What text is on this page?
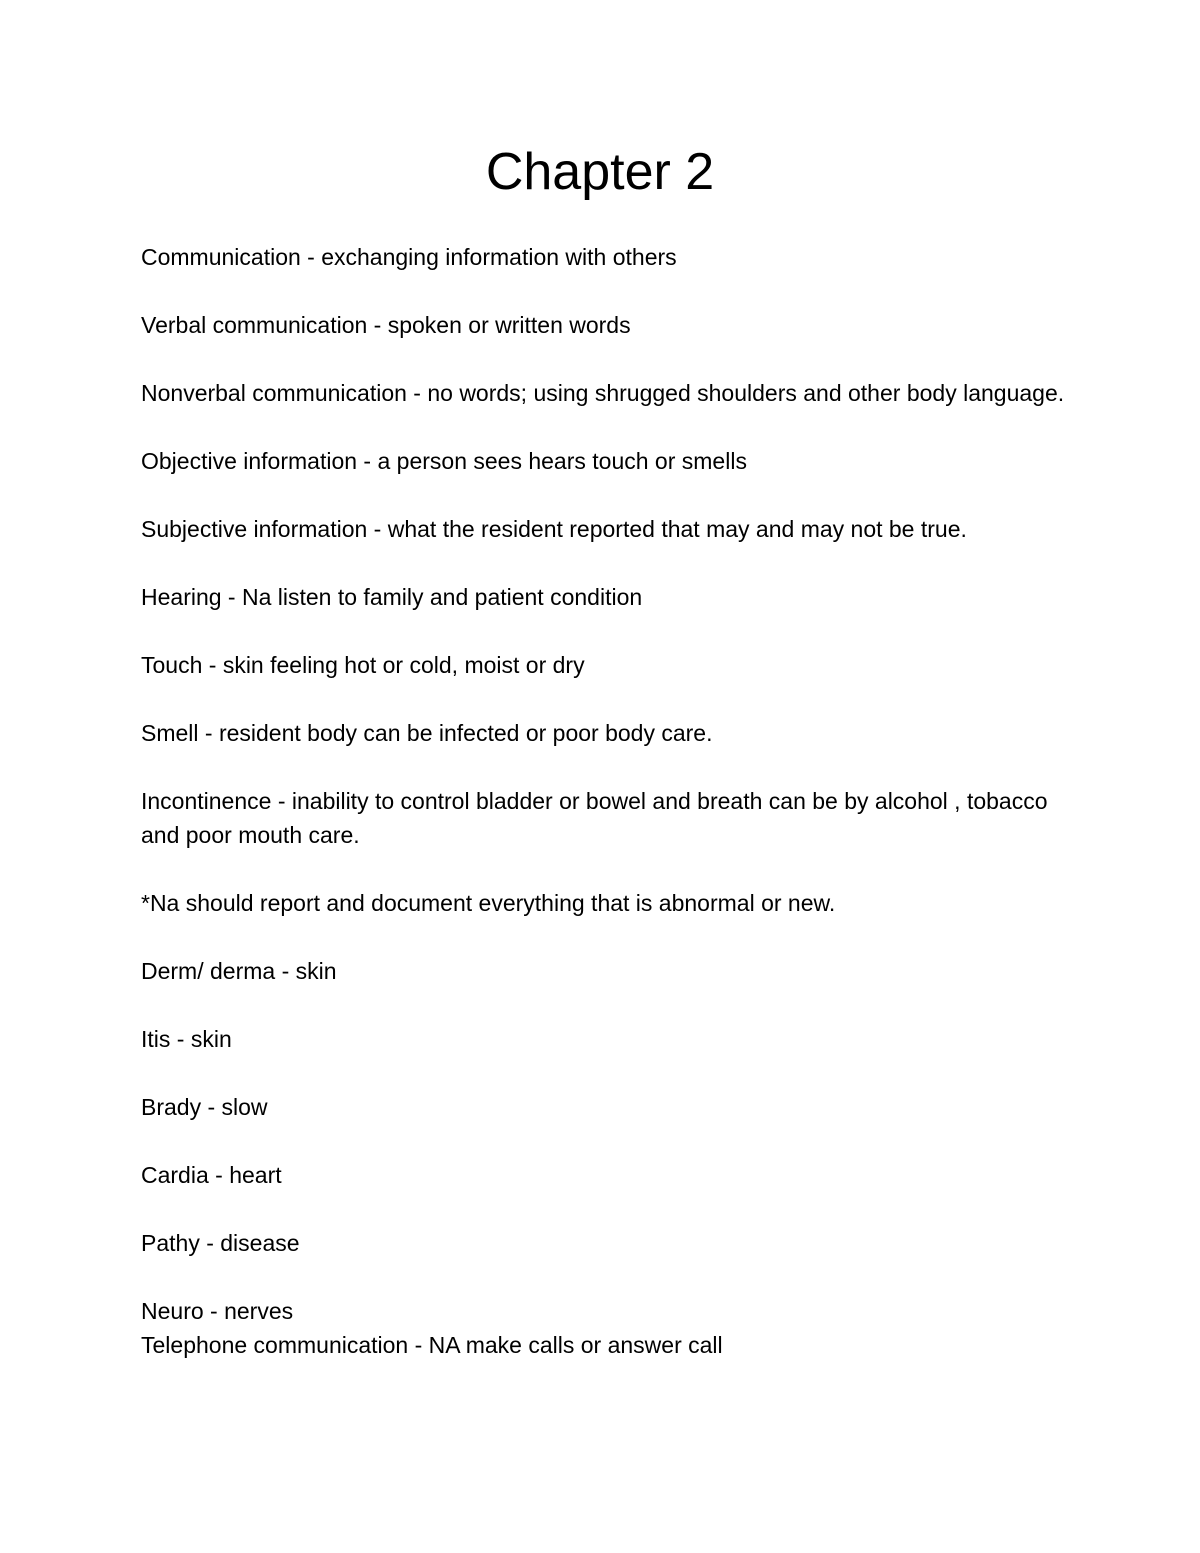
Chapter 2

Communication - exchanging information with others

Verbal communication - spoken or written words

Nonverbal communication - no words; using shrugged shoulders and other body language.

Objective information - a person sees hears touch or smells

Subjective information - what the resident reported that may and may not be true.

Hearing - Na listen to family and patient condition

Touch - skin feeling hot or cold, moist or dry

Smell - resident body can be infected or poor body care.

Incontinence - inability to control bladder or bowel and breath can be by alcohol , tobacco and poor mouth care.

*Na should report and document everything that is abnormal or new.

Derm/ derma - skin

Itis - skin

Brady - slow

Cardia - heart

Pathy - disease

Neuro - nerves

Telephone communication - NA make calls or answer call
